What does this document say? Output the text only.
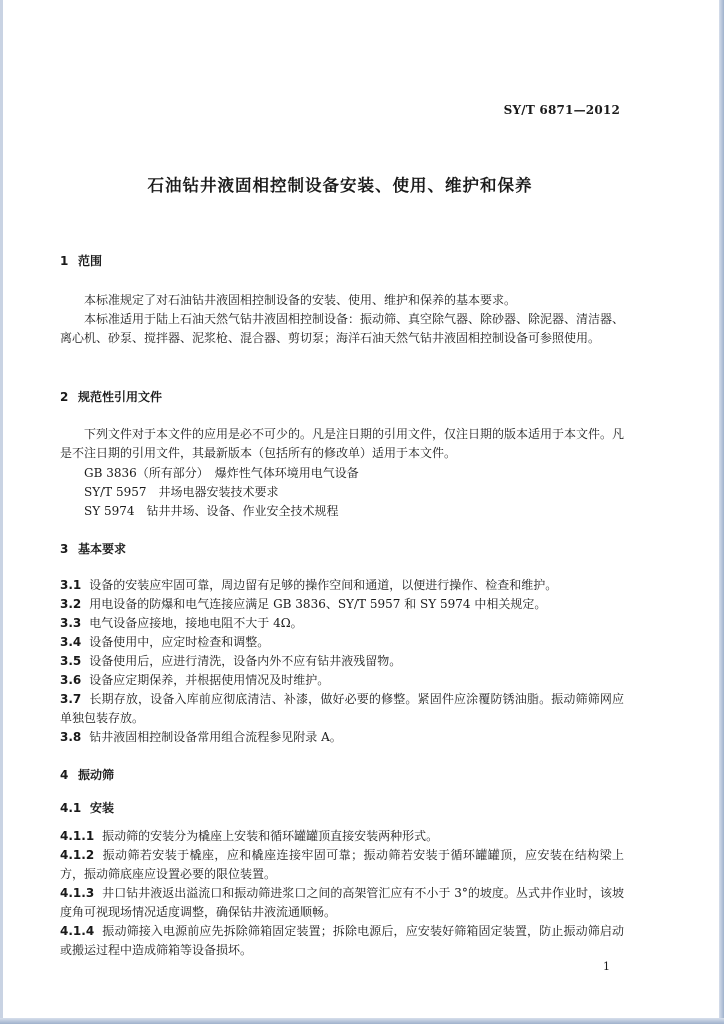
SY/T 6871—2012
石油钻井液固相控制设备安装、使用、维护和保养
1 范围
本标准规定了对石油钻井液固相控制设备的安装、使用、维护和保养的基本要求。
本标准适用于陆上石油天然气钻井液固相控制设备：振动筛、真空除气器、除砂器、除泥器、清洁器、离心机、砂泵、搅拌器、泥浆枪、混合器、剪切泵；海洋石油天然气钻井液固相控制设备可参照使用。
2 规范性引用文件
下列文件对于本文件的应用是必不可少的。凡是注日期的引用文件，仅注日期的版本适用于本文件。凡是不注日期的引用文件，其最新版本（包括所有的修改单）适用于本文件。
GB 3836（所有部分）　爆炸性气体环境用电气设备
SY/T 5957　井场电器安装技术要求
SY 5974　钻井井场、设备、作业安全技术规程
3 基本要求
3.1 设备的安装应牢固可靠，周边留有足够的操作空间和通道，以便进行操作、检查和维护。
3.2 用电设备的防爆和电气连接应满足 GB 3836、SY/T 5957 和 SY 5974 中相关规定。
3.3 电气设备应接地，接地电阻不大于 4Ω。
3.4 设备使用中，应定时检查和调整。
3.5 设备使用后，应进行清洗，设备内外不应有钻井液残留物。
3.6 设备应定期保养，并根据使用情况及时维护。
3.7 长期存放，设备入库前应彻底清洁、补漆，做好必要的修整。紧固件应涂覆防锈油脂。振动筛筛网应单独包装存放。
3.8 钻井液固相控制设备常用组合流程参见附录 A。
4 振动筛
4.1 安装
4.1.1 振动筛的安装分为橇座上安装和循环罐罐顶直接安装两种形式。
4.1.2 振动筛若安装于橇座，应和橇座连接牢固可靠；振动筛若安装于循环罐罐顶，应安装在结构梁上方，振动筛底座应设置必要的限位装置。
4.1.3 井口钻井液返出溢流口和振动筛进浆口之间的高架管汇应有不小于 3°的坡度。丛式井作业时，该坡度角可视现场情况适度调整，确保钻井液流通顺畅。
4.1.4 振动筛接入电源前应先拆除筛箱固定装置；拆除电源后，应安装好筛箱固定装置，防止振动筛启动或搬运过程中造成筛箱等设备损坏。
1
